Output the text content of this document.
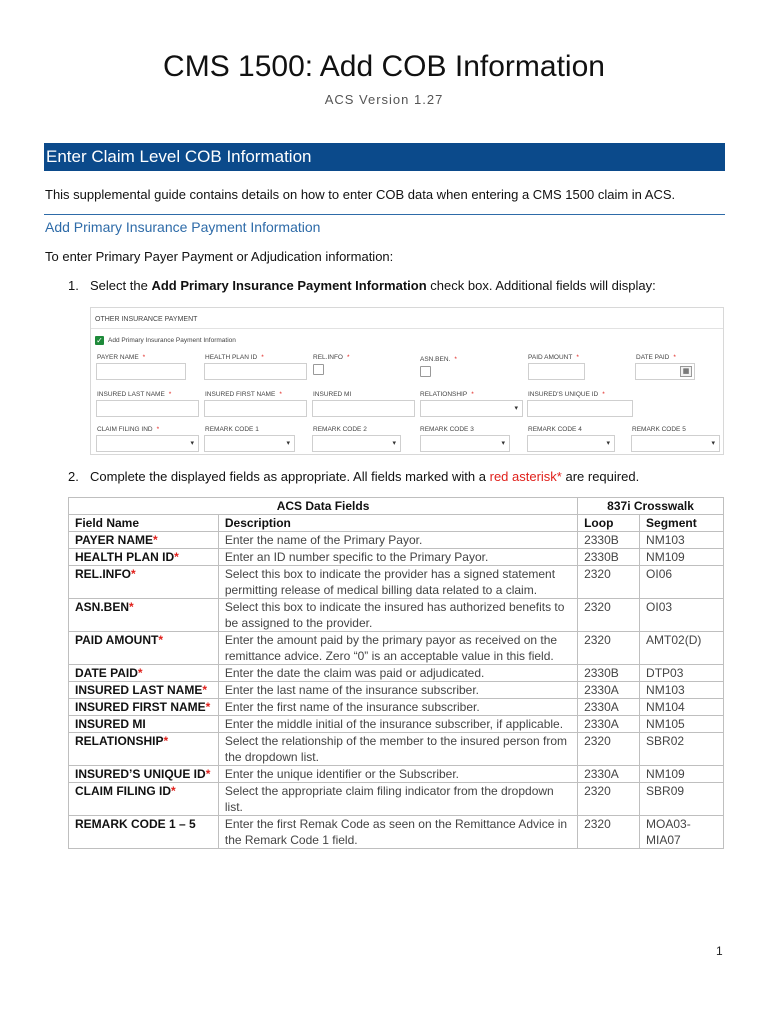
CMS 1500: Add COB Information
ACS Version 1.27
Enter Claim Level COB Information
This supplemental guide contains details on how to enter COB data when entering a CMS 1500 claim in ACS.
Add Primary Insurance Payment Information
To enter Primary Payer Payment or Adjudication information:
1. Select the Add Primary Insurance Payment Information check box. Additional fields will display:
OTHER INSURANCE PAYMENT
✓ Add Primary Insurance Payment Information
PAYER NAME *	HEALTH PLAN ID *	REL.INFO *	ASN.BEN. *	PAID AMOUNT *	DATE PAID *
▦
INSURED LAST NAME *	INSURED FIRST NAME *	INSURED MI	RELATIONSHIP *	INSURED'S UNIQUE ID *
▾
CLAIM FILING IND *	REMARK CODE 1	REMARK CODE 2	REMARK CODE 3	REMARK CODE 4	REMARK CODE 5
▾	▾	▾	▾	▾	▾
2. Complete the displayed fields as appropriate. All fields marked with a red asterisk* are required.
ACS Data Fields		837i Crosswalk	
Field Name	Description	Loop	Segment
PAYER NAME*	Enter the name of the Primary Payor.	2330B	NM103
HEALTH PLAN ID*	Enter an ID number specific to the Primary Payor.	2330B	NM109
REL.INFO*	Select this box to indicate the provider has a signed statement permitting release of medical billing data related to a claim.	2320	OI06
ASN.BEN*	Select this box to indicate the insured has authorized benefits to be assigned to the provider.	2320	OI03
PAID AMOUNT*	Enter the amount paid by the primary payor as received on the remittance advice. Zero “0” is an acceptable value in this field.	2320	AMT02(D)
DATE PAID*	Enter the date the claim was paid or adjudicated.	2330B	DTP03
INSURED LAST NAME*	Enter the last name of the insurance subscriber.	2330A	NM103
INSURED FIRST NAME*	Enter the first name of the insurance subscriber.	2330A	NM104
INSURED MI	Enter the middle initial of the insurance subscriber, if applicable.	2330A	NM105
RELATIONSHIP*	Select the relationship of the member to the insured person from the dropdown list.	2320	SBR02
INSURED’S UNIQUE ID*	Enter the unique identifier or the Subscriber.	2330A	NM109
CLAIM FILING ID*	Select the appropriate claim filing indicator from the dropdown list.	2320	SBR09
REMARK CODE 1 – 5	Enter the first Remak Code as seen on the Remittance Advice in the Remark Code 1 field.	2320	MOA03-MIA07
1
